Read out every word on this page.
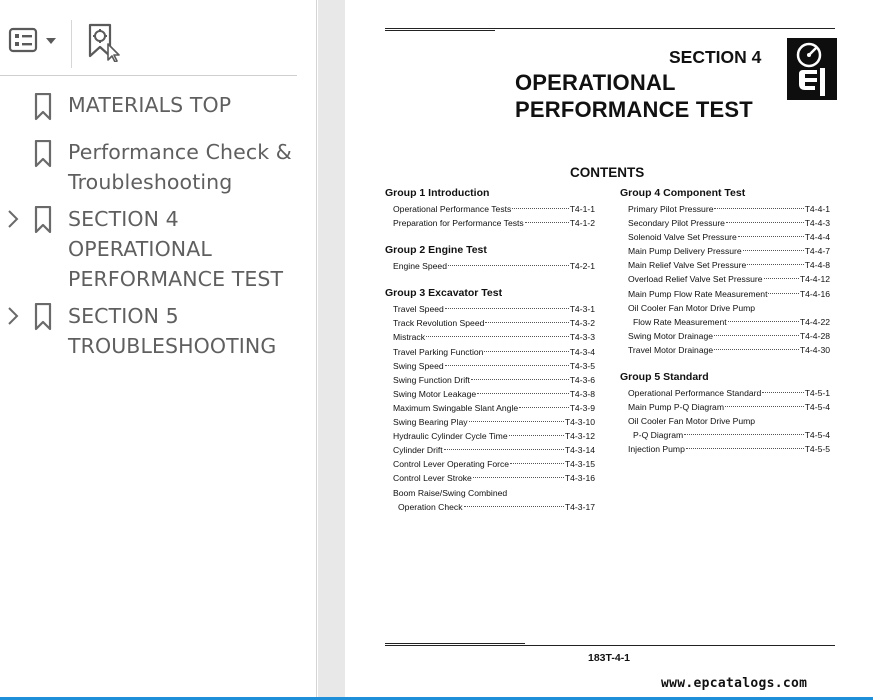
MATERIALS TOP
Performance Check &
Troubleshooting
SECTION 4
OPERATIONAL
PERFORMANCE TEST
SECTION 5
TROUBLESHOOTING
SECTION 4
OPERATIONAL
PERFORMANCE TEST
CONTENTS
Group 1 Introduction
Operational Performance Tests	T4-1-1
Preparation for Performance Tests	T4-1-2
Group 2 Engine Test
Engine Speed	T4-2-1
Group 3 Excavator Test
Travel Speed	T4-3-1
Track Revolution Speed	T4-3-2
Mistrack	T4-3-3
Travel Parking Function	T4-3-4
Swing Speed	T4-3-5
Swing Function Drift	T4-3-6
Swing Motor Leakage	T4-3-8
Maximum Swingable Slant Angle	T4-3-9
Swing Bearing Play	T4-3-10
Hydraulic Cylinder Cycle Time	T4-3-12
Cylinder Drift	T4-3-14
Control Lever Operating Force	T4-3-15
Control Lever Stroke	T4-3-16
Boom Raise/Swing Combined
Operation Check	T4-3-17
Group 4 Component Test
Primary Pilot Pressure	T4-4-1
Secondary Pilot Pressure	T4-4-3
Solenoid Valve Set Pressure	T4-4-4
Main Pump Delivery Pressure	T4-4-7
Main Relief Valve Set Pressure	T4-4-8
Overload Relief Valve Set Pressure	T4-4-12
Main Pump Flow Rate Measurement	T4-4-16
Oil Cooler Fan Motor Drive Pump
Flow Rate Measurement	T4-4-22
Swing Motor Drainage	T4-4-28
Travel Motor Drainage	T4-4-30
Group 5 Standard
Operational Performance Standard	T4-5-1
Main Pump P-Q Diagram	T4-5-4
Oil Cooler Fan Motor Drive Pump
P-Q Diagram	T4-5-4
Injection Pump	T4-5-5
183T-4-1
www.epcatalogs.com
